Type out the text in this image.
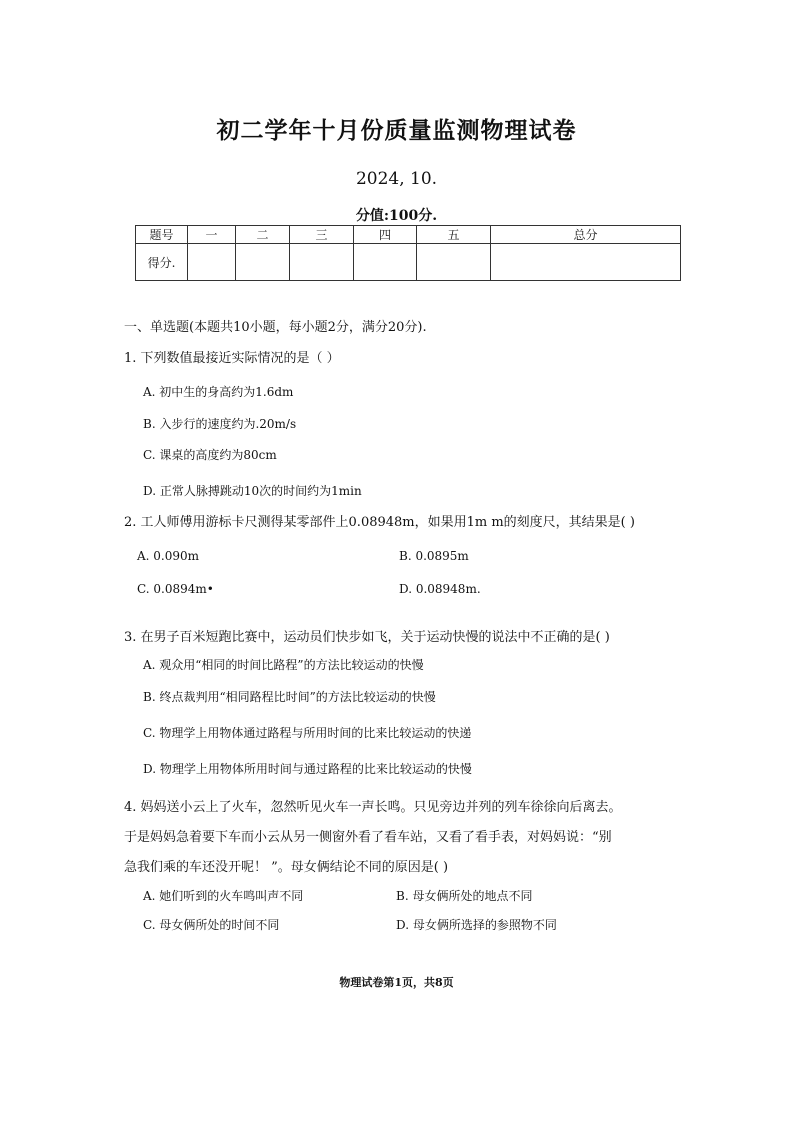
初二学年十月份质量监测物理试卷
2024, 10.
分值:100分.
题号	一	二	三	四	五	总分
得分.						
一、单选题(本题共10小题，每小题2分，满分20分).
1. 下列数值最接近实际情况的是（ ）
A. 初中生的身高约为1.6dm
B. 入步行的速度约为.20m/s
C. 课桌的高度约为80cm
D. 正常人脉搏跳动10次的时间约为1min
2. 工人师傅用游标卡尺测得某零部件上0.08948m，如果用1m m的刻度尺，其结果是( )
A. 0.090m	B. 0.0895m
C. 0.0894m•	D. 0.08948m.
3. 在男子百米短跑比赛中，运动员们快步如飞，关于运动快慢的说法中不正确的是( )
A. 观众用“相同的时间比路程”的方法比较运动的快慢
B. 终点裁判用“相同路程比时间”的方法比较运动的快慢
C. 物理学上用物体通过路程与所用时间的比来比较运动的快递
D. 物理学上用物体所用时间与通过路程的比来比较运动的快慢
4. 妈妈送小云上了火车，忽然听见火车一声长鸣。只见旁边并列的列车徐徐向后离去。
于是妈妈急着要下车而小云从另一侧窗外看了看车站，又看了看手表，对妈妈说：“别
急我们乘的车还没开呢！ ”。母女俩结论不同的原因是( )
A. 她们听到的火车鸣叫声不同	B. 母女俩所处的地点不同
C. 母女俩所处的时间不同	D. 母女俩所选择的参照物不同
物理试卷第1页，共8页
